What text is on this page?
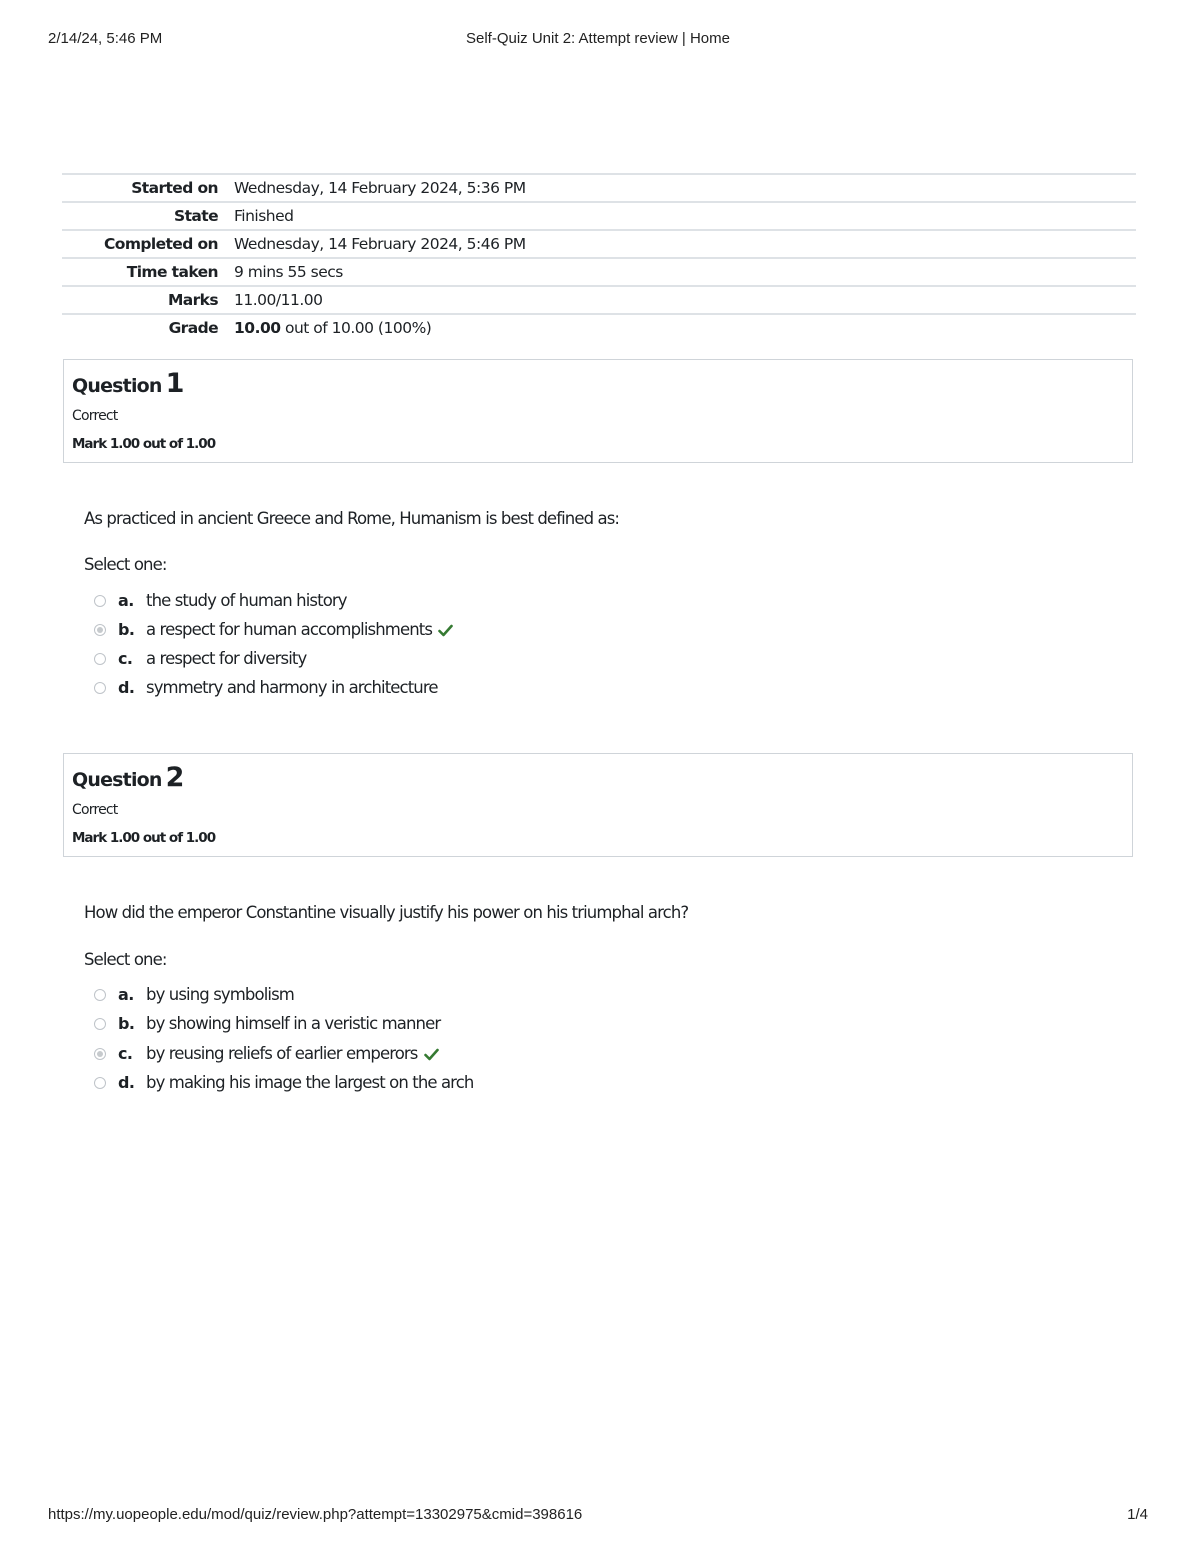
2/14/24, 5:46 PM	Self-Quiz Unit 2: Attempt review | Home
Started on	Wednesday, 14 February 2024, 5:36 PM
State	Finished
Completed on	Wednesday, 14 February 2024, 5:46 PM
Time taken	9 mins 55 secs
Marks	11.00/11.00
Grade	10.00 out of 10.00 (100%)
Question 1
Correct
Mark 1.00 out of 1.00
As practiced in ancient Greece and Rome, Humanism is best defined as:
Select one:
a. the study of human history
b. a respect for human accomplishments
c. a respect for diversity
d. symmetry and harmony in architecture
Question 2
Correct
Mark 1.00 out of 1.00
How did the emperor Constantine visually justify his power on his triumphal arch?
Select one:
a. by using symbolism
b. by showing himself in a veristic manner
c. by reusing reliefs of earlier emperors
d. by making his image the largest on the arch
https://my.uopeople.edu/mod/quiz/review.php?attempt=13302975&cmid=398616	1/4
